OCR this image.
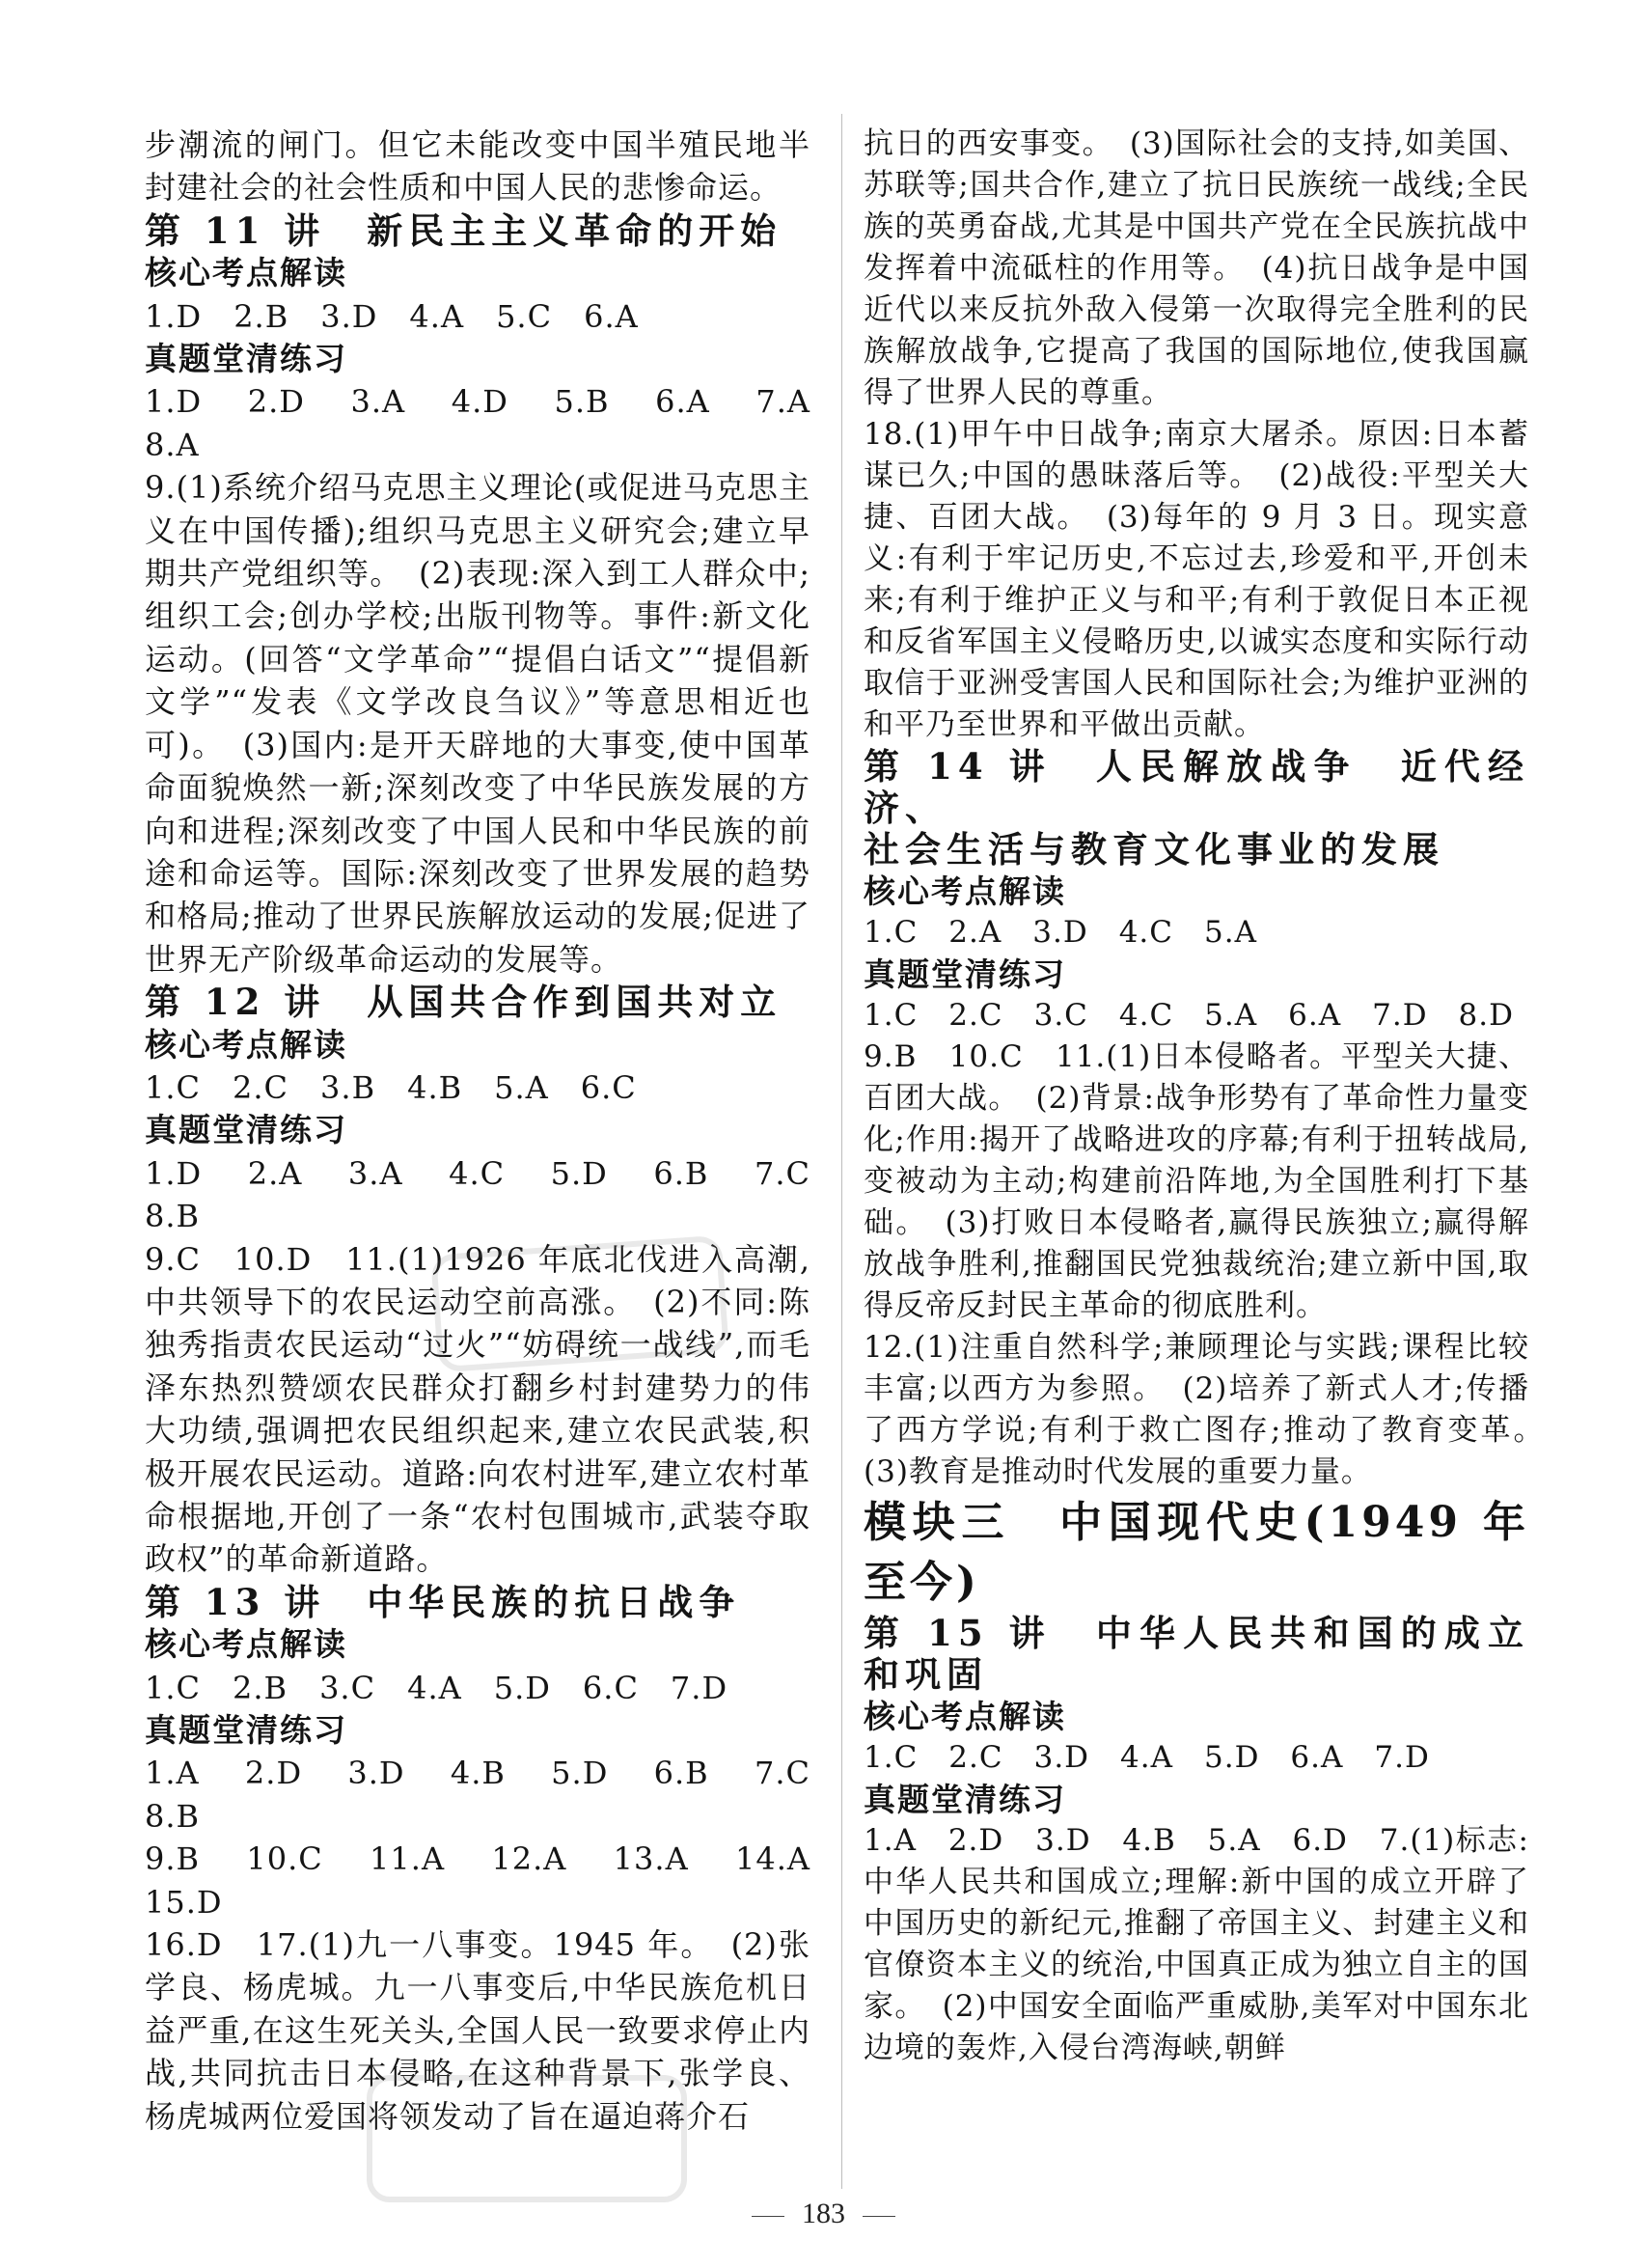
步潮流的闸门。但它未能改变中国半殖民地半封建社会的社会性质和中国人民的悲惨命运。

第 11 讲　新民主主义革命的开始

核心考点解读

1.D　2.B　3.D　4.A　5.C　6.A

真题堂清练习

1.D　2.D　3.A　4.D　5.B　6.A　7.A　8.A

9.(1)系统介绍马克思主义理论(或促进马克思主义在中国传播);组织马克思主义研究会;建立早期共产党组织等。　(2)表现:深入到工人群众中;组织工会;创办学校;出版刊物等。事件:新文化运动。(回答“文学革命”“提倡白话文”“提倡新文学”“发表《文学改良刍议》”等意思相近也可)。　(3)国内:是开天辟地的大事变,使中国革命面貌焕然一新;深刻改变了中华民族发展的方向和进程;深刻改变了中国人民和中华民族的前途和命运等。国际:深刻改变了世界发展的趋势和格局;推动了世界民族解放运动的发展;促进了世界无产阶级革命运动的发展等。

第 12 讲　从国共合作到国共对立

核心考点解读

1.C　2.C　3.B　4.B　5.A　6.C

真题堂清练习

1.D　2.A　3.A　4.C　5.D　6.B　7.C　8.B

9.C　10.D　11.(1)1926 年底北伐进入高潮,中共领导下的农民运动空前高涨。　(2)不同:陈独秀指责农民运动“过火”“妨碍统一战线”,而毛泽东热烈赞颂农民群众打翻乡村封建势力的伟大功绩,强调把农民组织起来,建立农民武装,积极开展农民运动。道路:向农村进军,建立农村革命根据地,开创了一条“农村包围城市,武装夺取政权”的革命新道路。

第 13 讲　中华民族的抗日战争

核心考点解读

1.C　2.B　3.C　4.A　5.D　6.C　7.D

真题堂清练习

1.A　2.D　3.D　4.B　5.D　6.B　7.C　8.B

9.B　10.C　11.A　12.A　13.A　14.A　15.D

16.D　17.(1)九一八事变。1945 年。　(2)张学良、杨虎城。九一八事变后,中华民族危机日益严重,在这生死关头,全国人民一致要求停止内战,共同抗击日本侵略,在这种背景下,张学良、杨虎城两位爱国将领发动了旨在逼迫蒋介石

抗日的西安事变。　(3)国际社会的支持,如美国、苏联等;国共合作,建立了抗日民族统一战线;全民族的英勇奋战,尤其是中国共产党在全民族抗战中发挥着中流砥柱的作用等。　(4)抗日战争是中国近代以来反抗外敌入侵第一次取得完全胜利的民族解放战争,它提高了我国的国际地位,使我国赢得了世界人民的尊重。

18.(1)甲午中日战争;南京大屠杀。原因:日本蓄谋已久;中国的愚昧落后等。　(2)战役:平型关大捷、百团大战。　(3)每年的 9 月 3 日。现实意义:有利于牢记历史,不忘过去,珍爱和平,开创未来;有利于维护正义与和平;有利于敦促日本正视和反省军国主义侵略历史,以诚实态度和实际行动取信于亚洲受害国人民和国际社会;为维护亚洲的和平乃至世界和平做出贡献。

第 14 讲　人民解放战争　近代经济、

社会生活与教育文化事业的发展

核心考点解读

1.C　2.A　3.D　4.C　5.A

真题堂清练习

1.C　2.C　3.C　4.C　5.A　6.A　7.D　8.D

9.B　10.C　11.(1)日本侵略者。平型关大捷、百团大战。　(2)背景:战争形势有了革命性力量变化;作用:揭开了战略进攻的序幕;有利于扭转战局,变被动为主动;构建前沿阵地,为全国胜利打下基础。　(3)打败日本侵略者,赢得民族独立;赢得解放战争胜利,推翻国民党独裁统治;建立新中国,取得反帝反封民主革命的彻底胜利。

12.(1)注重自然科学;兼顾理论与实践;课程比较丰富;以西方为参照。　(2)培养了新式人才;传播了西方学说;有利于救亡图存;推动了教育变革。　(3)教育是推动时代发展的重要力量。

模块三　中国现代史(1949 年至今)

第 15 讲　中华人民共和国的成立和巩固

核心考点解读

1.C　2.C　3.D　4.A　5.D　6.A　7.D

真题堂清练习

1.A　2.D　3.D　4.B　5.A　6.D　7.(1)标志:中华人民共和国成立;理解:新中国的成立开辟了中国历史的新纪元,推翻了帝国主义、封建主义和官僚资本主义的统治,中国真正成为独立自主的国家。　(2)中国安全面临严重威胁,美军对中国东北边境的轰炸,入侵台湾海峡,朝鲜

183
